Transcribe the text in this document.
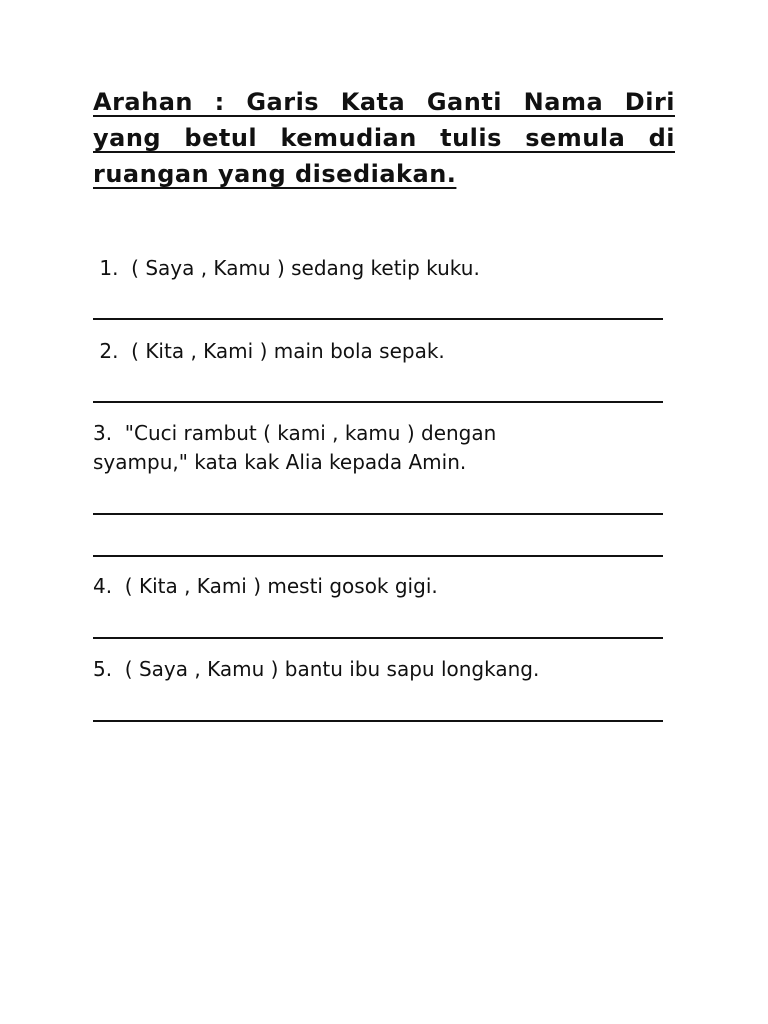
Arahan : Garis Kata Ganti Nama Diri yang betul kemudian tulis semula di ruangan yang disediakan.

1.  ( Saya , Kamu ) sedang ketip kuku.

2.  ( Kita , Kami ) main bola sepak.

3.  "Cuci rambut ( kami , kamu ) dengan syampu," kata kak Alia kepada Amin.

4.  ( Kita , Kami ) mesti gosok gigi.

5.  ( Saya , Kamu ) bantu ibu sapu longkang.
